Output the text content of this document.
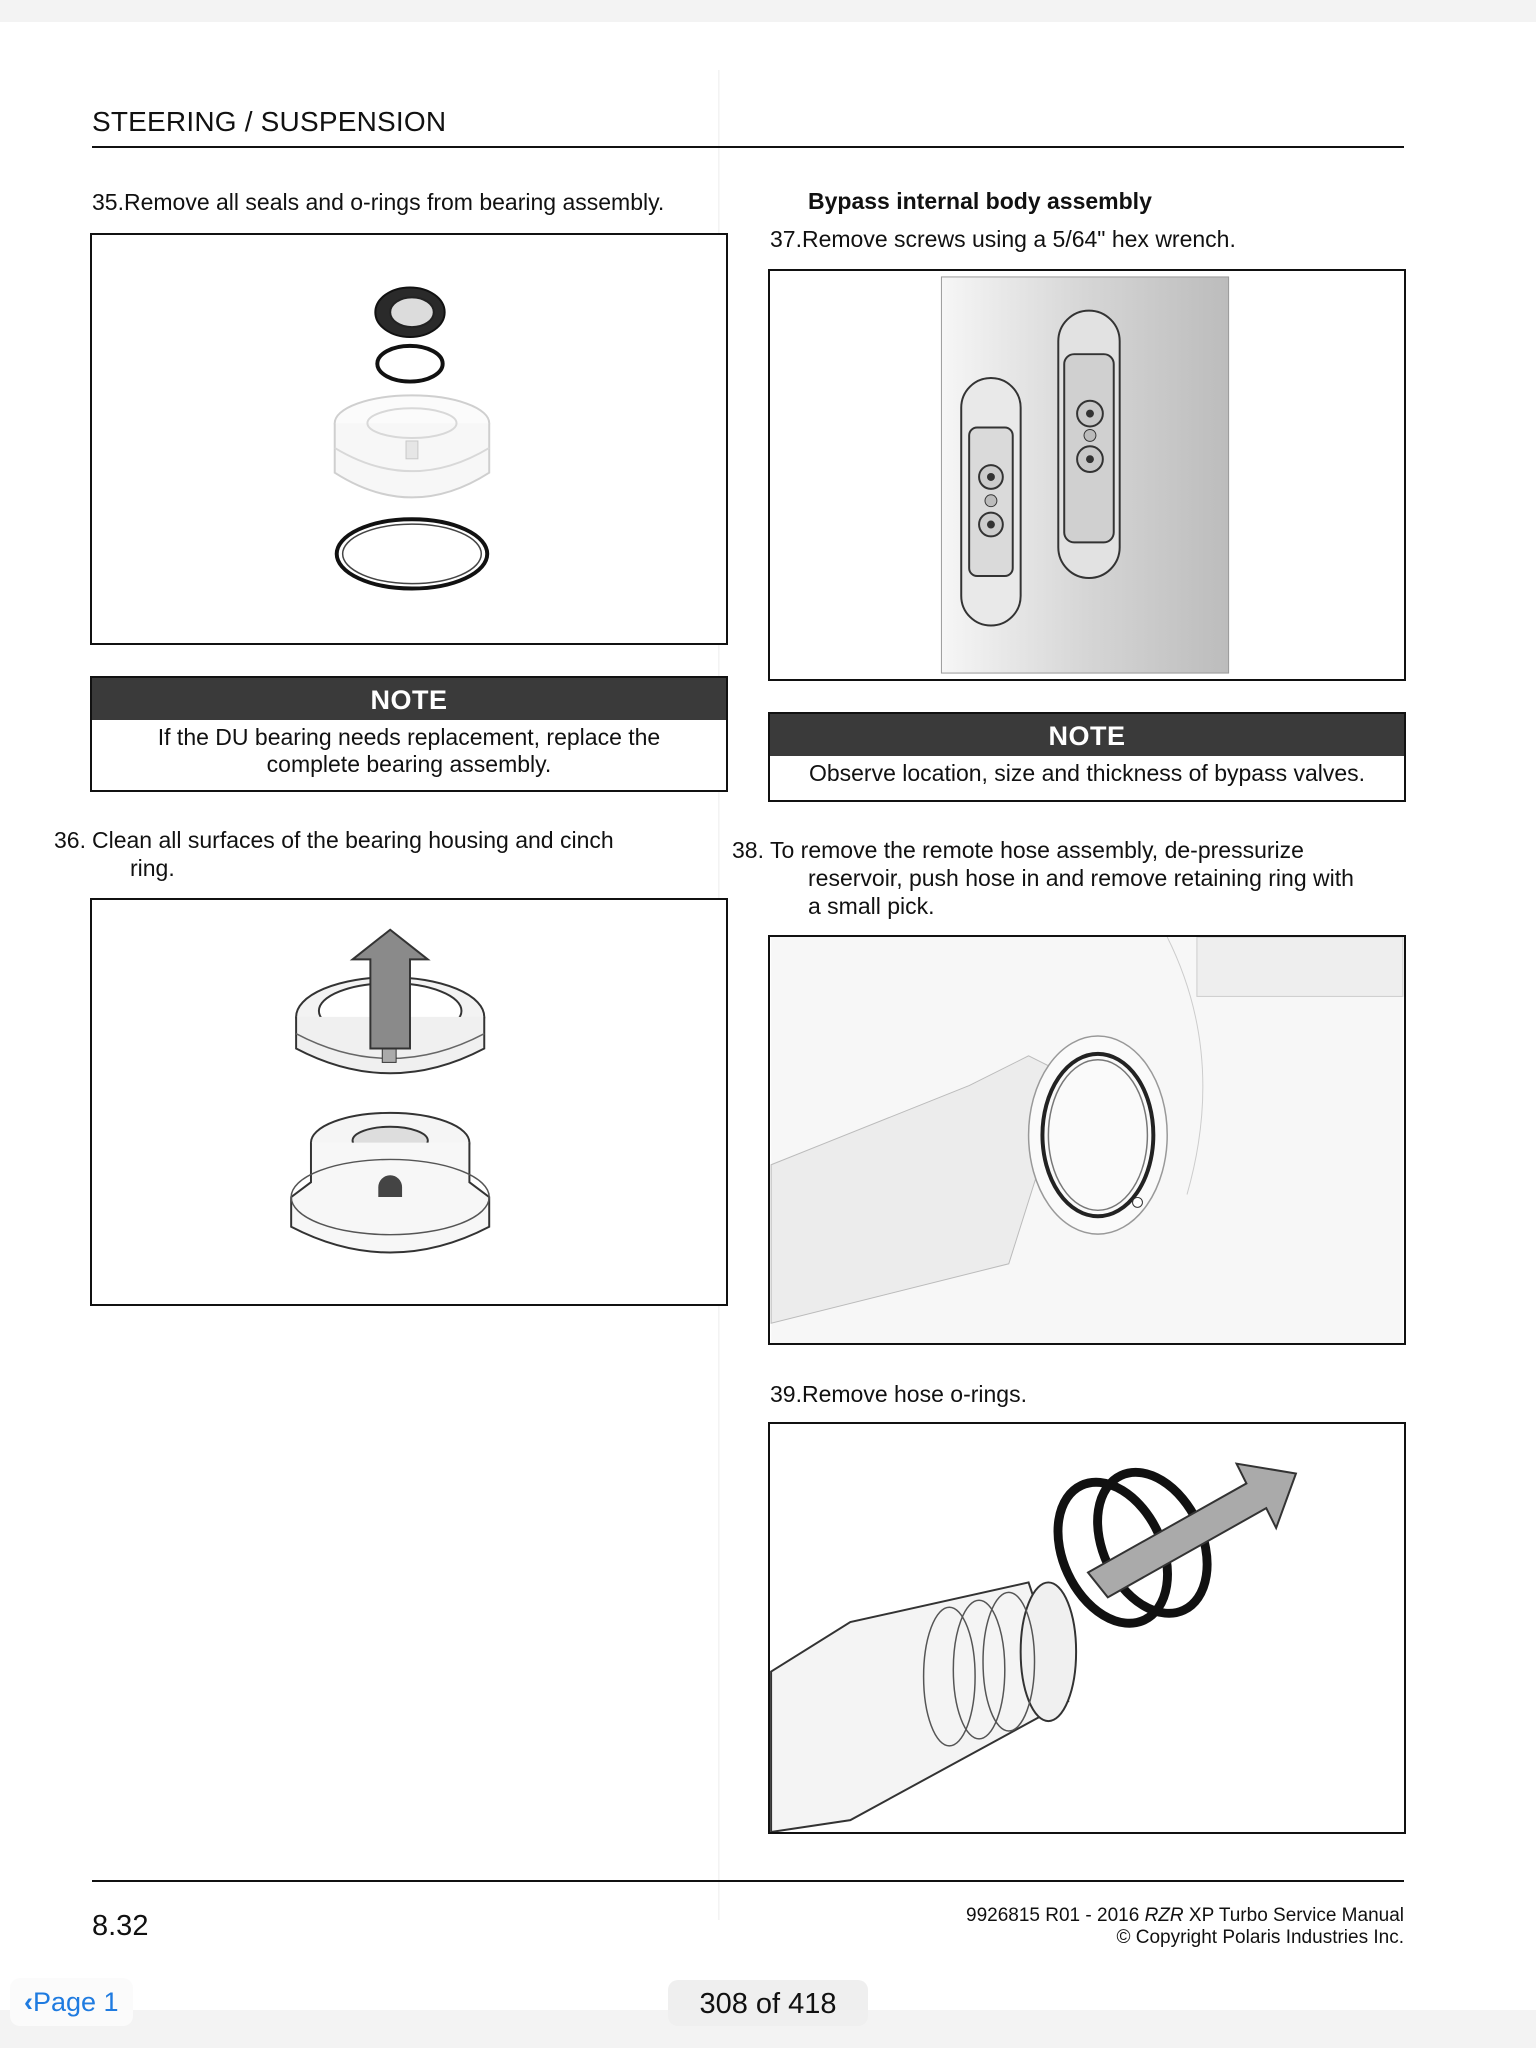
STEERING / SUSPENSION
35.Remove all seals and o-rings from bearing assembly.
NOTE
If the DU bearing needs replacement, replace the
complete bearing assembly.
Clean all surfaces of the bearing housing and cinch
ring.
Bypass internal body assembly
37.Remove screws using a 5/64" hex wrench.
NOTE
Observe location, size and thickness of bypass valves.
To remove the remote hose assembly, de-pressurize
reservoir, push hose in and remove retaining ring with
a small pick.
39.Remove hose o-rings.
8.32	9926815 R01 - 2016 RZR XP Turbo Service Manual
© Copyright Polaris Industries Inc.
‹Page 1	308 of 418
